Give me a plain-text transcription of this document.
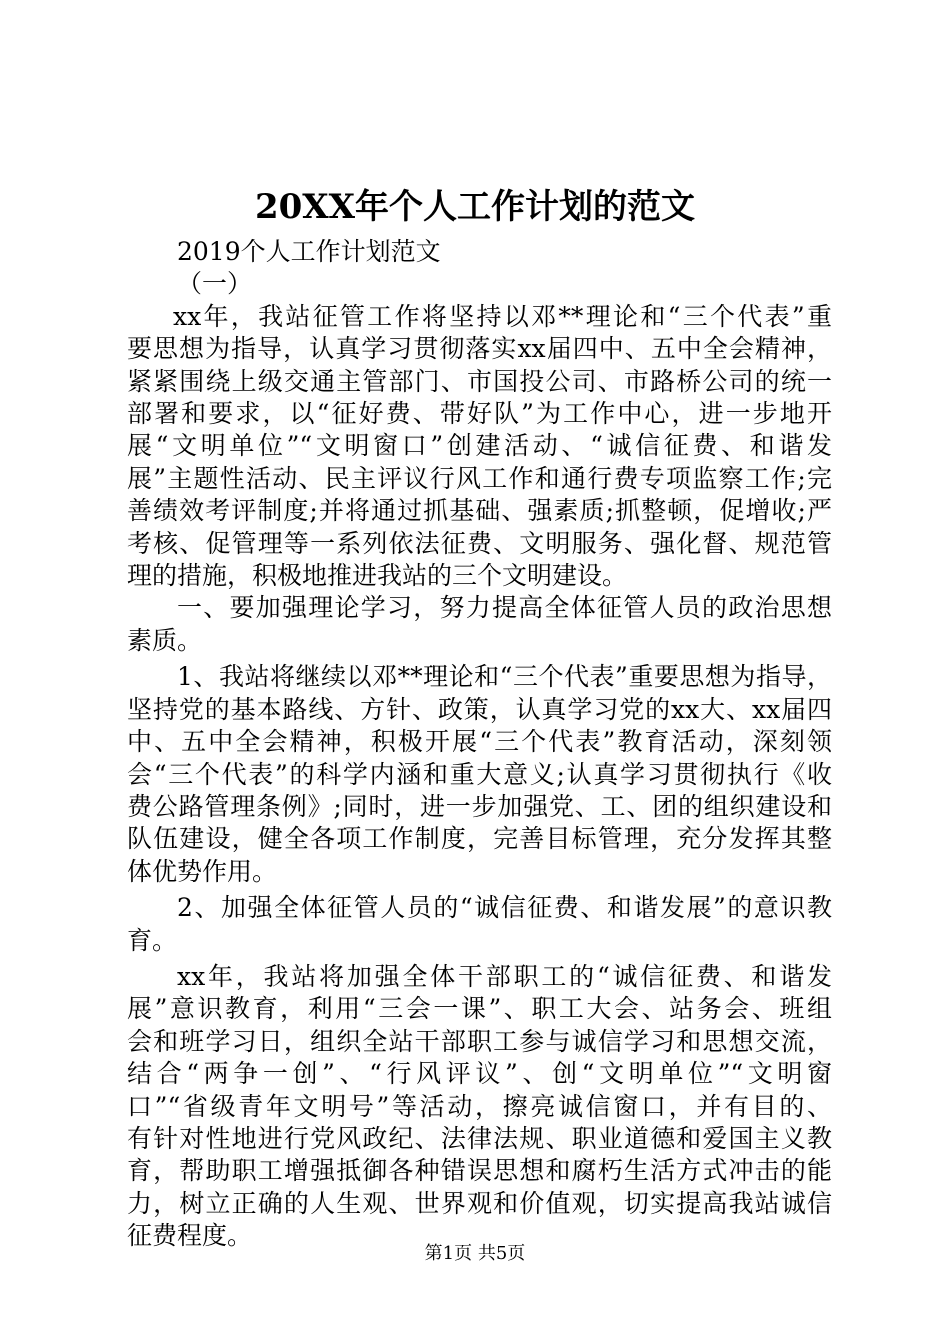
20XX年个人工作计划的范文

2019个人工作计划范文

（一）

xx年，我站征管工作将坚持以邓**理论和“三个代表”重

要思想为指导，认真学习贯彻落实xx届四中、五中全会精神，

紧紧围绕上级交通主管部门、市国投公司、市路桥公司的统一

部署和要求，以“征好费、带好队”为工作中心，进一步地开

展“文明单位”“文明窗口”创建活动、“诚信征费、和谐发

展”主题性活动、民主评议行风工作和通行费专项监察工作;完

善绩效考评制度;并将通过抓基础、强素质;抓整顿，促增收;严

考核、促管理等一系列依法征费、文明服务、强化督、规范管

理的措施，积极地推进我站的三个文明建设。

一、要加强理论学习，努力提高全体征管人员的政治思想

素质。

1、我站将继续以邓**理论和“三个代表”重要思想为指导，

坚持党的基本路线、方针、政策，认真学习党的xx大、xx届四

中、五中全会精神，积极开展“三个代表”教育活动，深刻领

会“三个代表”的科学内涵和重大意义;认真学习贯彻执行《收

费公路管理条例》;同时，进一步加强党、工、团的组织建设和

队伍建设，健全各项工作制度，完善目标管理，充分发挥其整

体优势作用。

2、加强全体征管人员的“诚信征费、和谐发展”的意识教

育。

xx年，我站将加强全体干部职工的“诚信征费、和谐发

展”意识教育，利用“三会一课”、职工大会、站务会、班组

会和班学习日，组织全站干部职工参与诚信学习和思想交流，

结合“两争一创”、“行风评议”、创“文明单位”“文明窗

口”“省级青年文明号”等活动，擦亮诚信窗口，并有目的、

有针对性地进行党风政纪、法律法规、职业道德和爱国主义教

育，帮助职工增强抵御各种错误思想和腐朽生活方式冲击的能

力，树立正确的人生观、世界观和价值观，切实提高我站诚信

征费程度。

第1页 共5页
